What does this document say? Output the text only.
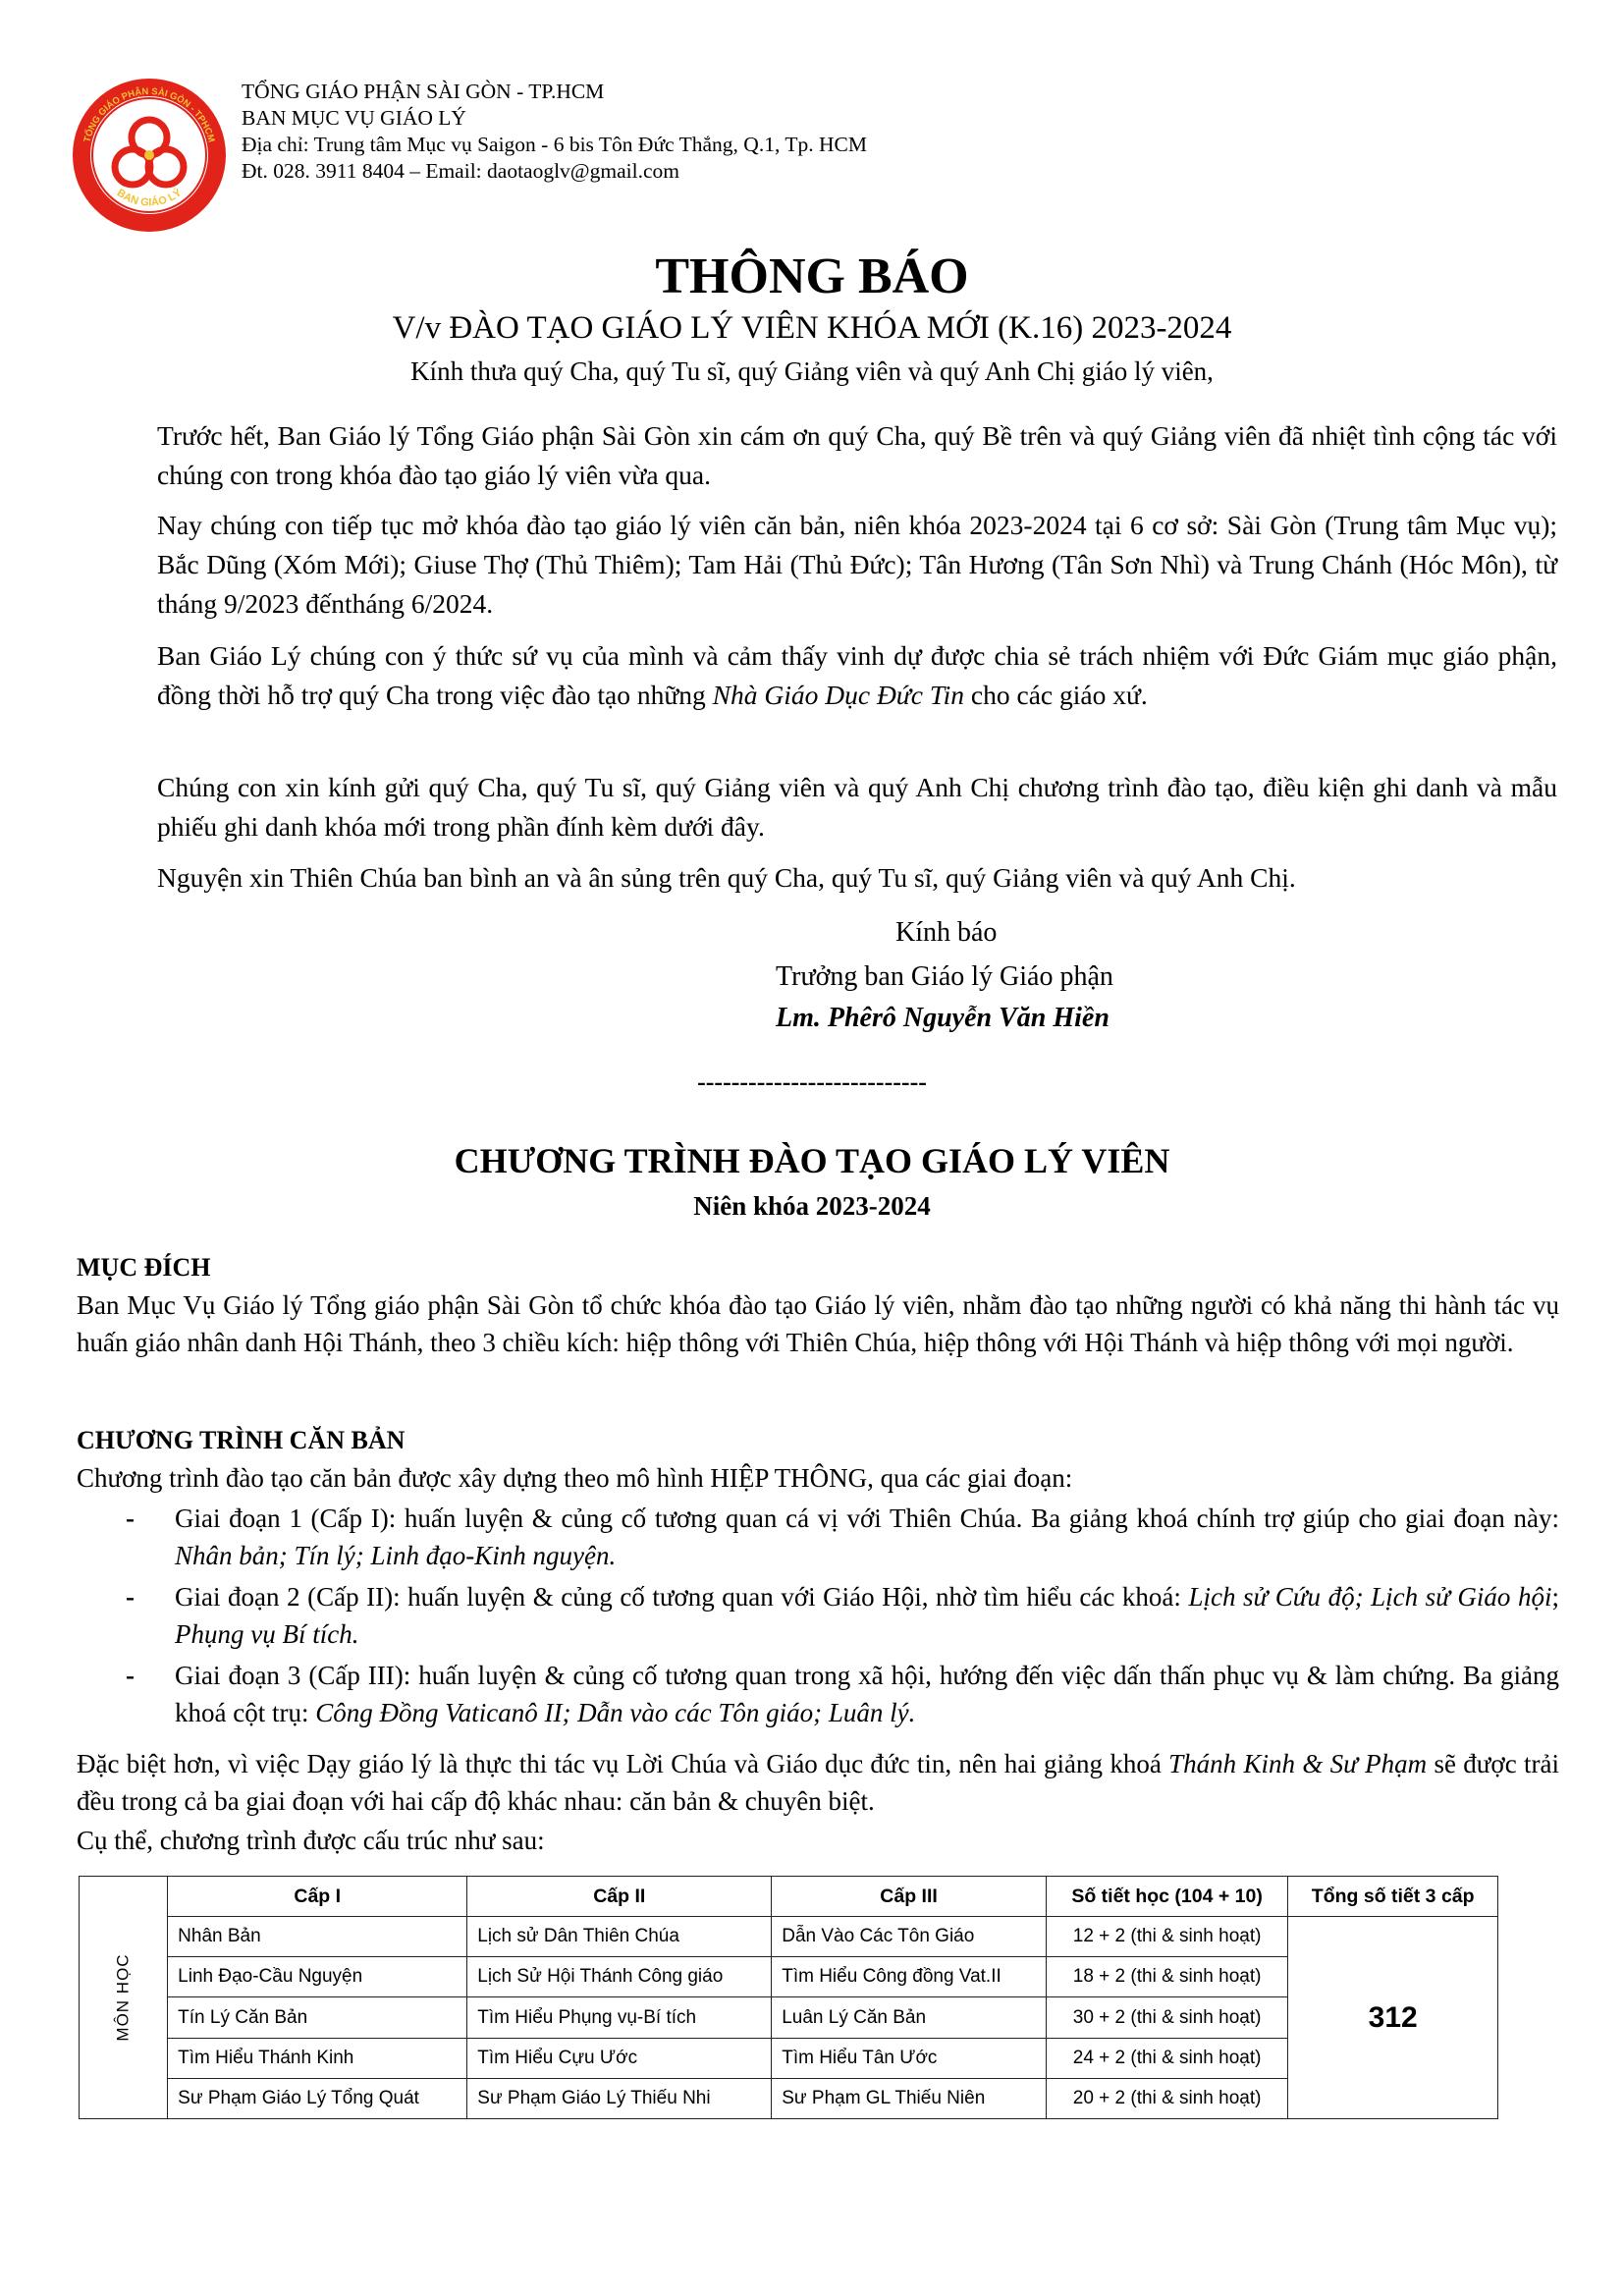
TỔNG GIÁO PHẬN SÀI GÒN - TPHCM
BAN GIÁO LÝ
TỔNG GIÁO PHẬN SÀI GÒN - TP.HCM
BAN MỤC VỤ GIÁO LÝ
Địa chỉ: Trung tâm Mục vụ Saigon - 6 bis Tôn Đức Thắng, Q.1, Tp. HCM
Đt. 028. 3911 8404 – Email: daotaoglv@gmail.com
THÔNG BÁO
V/v ĐÀO TẠO GIÁO LÝ VIÊN KHÓA MỚI (K.16) 2023-2024
Kính thưa quý Cha, quý Tu sĩ, quý Giảng viên và quý Anh Chị giáo lý viên,
Trước hết, Ban Giáo lý Tổng Giáo phận Sài Gòn xin cám ơn quý Cha, quý Bề trên và quý Giảng viên đã nhiệt tình cộng tác với chúng con trong khóa đào tạo giáo lý viên vừa qua.
Nay chúng con tiếp tục mở khóa đào tạo giáo lý viên căn bản, niên khóa 2023-2024 tại 6 cơ sở: Sài Gòn (Trung tâm Mục vụ); Bắc Dũng (Xóm Mới); Giuse Thợ (Thủ Thiêm); Tam Hải (Thủ Đức); Tân Hương (Tân Sơn Nhì) và Trung Chánh (Hóc Môn), từ tháng 9/2023 đếntháng 6/2024.
Ban Giáo Lý chúng con ý thức sứ vụ của mình và cảm thấy vinh dự được chia sẻ trách nhiệm với Đức Giám mục giáo phận, đồng thời hỗ trợ quý Cha trong việc đào tạo những Nhà Giáo Dục Đức Tin cho các giáo xứ.
Chúng con xin kính gửi quý Cha, quý Tu sĩ, quý Giảng viên và quý Anh Chị chương trình đào tạo, điều kiện ghi danh và mẫu phiếu ghi danh khóa mới trong phần đính kèm dưới đây.
Nguyện xin Thiên Chúa ban bình an và ân sủng trên quý Cha, quý Tu sĩ, quý Giảng viên và quý Anh Chị.
Kính báo
Trưởng ban Giáo lý Giáo phận
Lm. Phêrô Nguyễn Văn Hiền
---------------------------
CHƯƠNG TRÌNH ĐÀO TẠO GIÁO LÝ VIÊN
Niên khóa 2023-2024
MỤC ĐÍCH
Ban Mục Vụ Giáo lý Tổng giáo phận Sài Gòn tổ chức khóa đào tạo Giáo lý viên, nhằm đào tạo những người có khả năng thi hành tác vụ huấn giáo nhân danh Hội Thánh, theo 3 chiều kích: hiệp thông với Thiên Chúa, hiệp thông với Hội Thánh và hiệp thông với mọi người.
CHƯƠNG TRÌNH CĂN BẢN
Chương trình đào tạo căn bản được xây dựng theo mô hình HIỆP THÔNG, qua các giai đoạn:
- Giai đoạn 1 (Cấp I): huấn luyện & củng cố tương quan cá vị với Thiên Chúa. Ba giảng khoá chính trợ giúp cho giai đoạn này: Nhân bản; Tín lý; Linh đạo-Kinh nguyện.
- Giai đoạn 2 (Cấp II): huấn luyện & củng cố tương quan với Giáo Hội, nhờ tìm hiểu các khoá: Lịch sử Cứu độ; Lịch sử Giáo hội; Phụng vụ Bí tích.
- Giai đoạn 3 (Cấp III): huấn luyện & củng cố tương quan trong xã hội, hướng đến việc dấn thấn phục vụ & làm chứng. Ba giảng khoá cột trụ: Công Đồng Vaticanô II; Dẫn vào các Tôn giáo; Luân lý.
Đặc biệt hơn, vì việc Dạy giáo lý là thực thi tác vụ Lời Chúa và Giáo dục đức tin, nên hai giảng khoá Thánh Kinh & Sư Phạm sẽ được trải đều trong cả ba giai đoạn với hai cấp độ khác nhau: căn bản & chuyên biệt.
Cụ thể, chương trình được cấu trúc như sau:
MÔN HỌC	Cấp I	Cấp II	Cấp III	Số tiết học (104 + 10)	Tổng số tiết 3 cấp
	Nhân Bản	Lịch sử Dân Thiên Chúa	Dẫn Vào Các Tôn Giáo	12 + 2 (thi & sinh hoạt)	312
	Linh Đạo-Cầu Nguyện	Lịch Sử Hội Thánh Công giáo	Tìm Hiểu Công đồng Vat.II	18 + 2 (thi & sinh hoạt)	
	Tín Lý Căn Bản	Tìm Hiểu Phụng vụ-Bí tích	Luân Lý Căn Bản	30 + 2 (thi & sinh hoạt)	
	Tìm Hiểu Thánh Kinh	Tìm Hiểu Cựu Ước	Tìm Hiểu Tân Ước	24 + 2 (thi & sinh hoạt)	
	Sư Phạm Giáo Lý Tổng Quát	Sư Phạm Giáo Lý Thiếu Nhi	Sư Phạm GL Thiếu Niên	20 + 2 (thi & sinh hoạt)	
